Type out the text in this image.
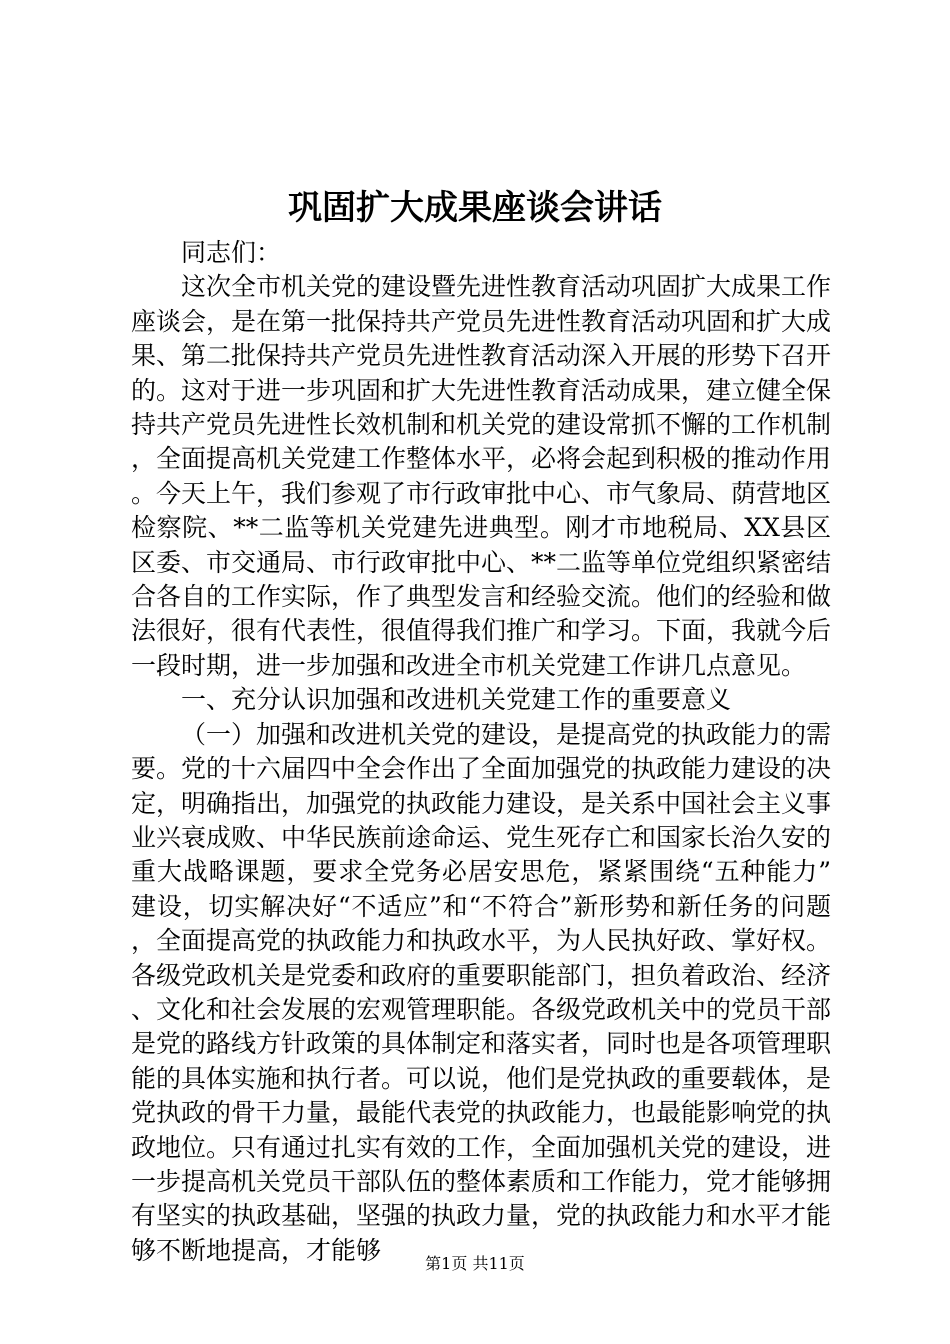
巩固扩大成果座谈会讲话

同志们：

这次全市机关党的建设暨先进性教育活动巩固扩大成果工作座谈会，是在第一批保持共产党员先进性教育活动巩固和扩大成果、第二批保持共产党员先进性教育活动深入开展的形势下召开的。这对于进一步巩固和扩大先进性教育活动成果，建立健全保持共产党员先进性长效机制和机关党的建设常抓不懈的工作机制，全面提高机关党建工作整体水平，必将会起到积极的推动作用。今天上午，我们参观了市行政审批中心、市气象局、荫营地区检察院、**二监等机关党建先进典型。刚才市地税局、XX县区区委、市交通局、市行政审批中心、**二监等单位党组织紧密结合各自的工作实际，作了典型发言和经验交流。他们的经验和做法很好，很有代表性，很值得我们推广和学习。下面，我就今后一段时期，进一步加强和改进全市机关党建工作讲几点意见。

一、充分认识加强和改进机关党建工作的重要意义

（一）加强和改进机关党的建设，是提高党的执政能力的需要。党的十六届四中全会作出了全面加强党的执政能力建设的决定，明确指出，加强党的执政能力建设，是关系中国社会主义事业兴衰成败、中华民族前途命运、党生死存亡和国家长治久安的重大战略课题，要求全党务必居安思危，紧紧围绕“五种能力”建设，切实解决好“不适应”和“不符合”新形势和新任务的问题，全面提高党的执政能力和执政水平，为人民执好政、掌好权。各级党政机关是党委和政府的重要职能部门，担负着政治、经济、文化和社会发展的宏观管理职能。各级党政机关中的党员干部是党的路线方针政策的具体制定和落实者，同时也是各项管理职能的具体实施和执行者。可以说，他们是党执政的重要载体，是党执政的骨干力量，最能代表党的执政能力，也最能影响党的执政地位。只有通过扎实有效的工作，全面加强机关党的建设，进一步提高机关党员干部队伍的整体素质和工作能力，党才能够拥有坚实的执政基础，坚强的执政力量，党的执政能力和水平才能够不断地提高，才能够	第1页 共11页
